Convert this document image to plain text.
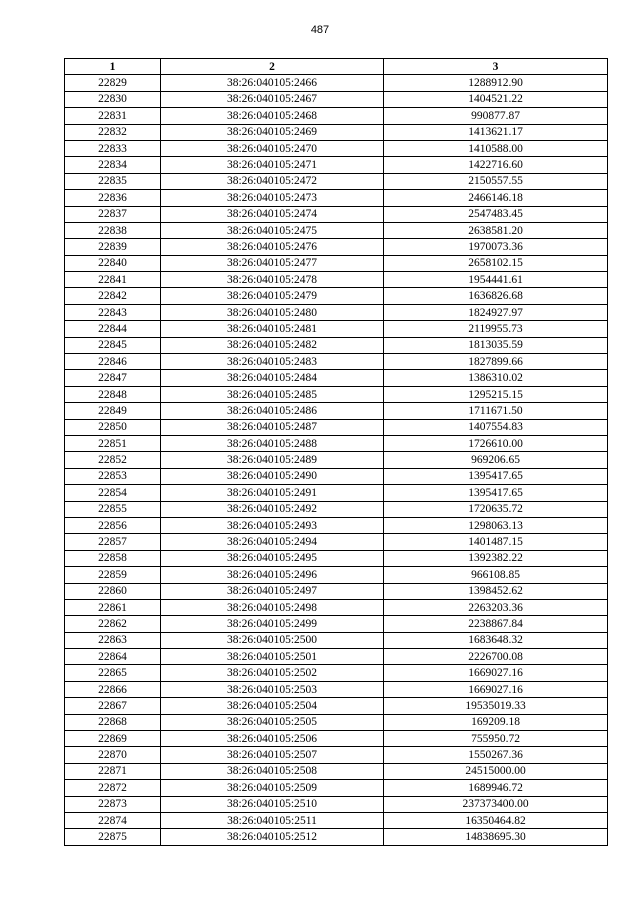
487
1	2	3
22829	38:26:040105:2466	1288912.90
22830	38:26:040105:2467	1404521.22
22831	38:26:040105:2468	990877.87
22832	38:26:040105:2469	1413621.17
22833	38:26:040105:2470	1410588.00
22834	38:26:040105:2471	1422716.60
22835	38:26:040105:2472	2150557.55
22836	38:26:040105:2473	2466146.18
22837	38:26:040105:2474	2547483.45
22838	38:26:040105:2475	2638581.20
22839	38:26:040105:2476	1970073.36
22840	38:26:040105:2477	2658102.15
22841	38:26:040105:2478	1954441.61
22842	38:26:040105:2479	1636826.68
22843	38:26:040105:2480	1824927.97
22844	38:26:040105:2481	2119955.73
22845	38:26:040105:2482	1813035.59
22846	38:26:040105:2483	1827899.66
22847	38:26:040105:2484	1386310.02
22848	38:26:040105:2485	1295215.15
22849	38:26:040105:2486	1711671.50
22850	38:26:040105:2487	1407554.83
22851	38:26:040105:2488	1726610.00
22852	38:26:040105:2489	969206.65
22853	38:26:040105:2490	1395417.65
22854	38:26:040105:2491	1395417.65
22855	38:26:040105:2492	1720635.72
22856	38:26:040105:2493	1298063.13
22857	38:26:040105:2494	1401487.15
22858	38:26:040105:2495	1392382.22
22859	38:26:040105:2496	966108.85
22860	38:26:040105:2497	1398452.62
22861	38:26:040105:2498	2263203.36
22862	38:26:040105:2499	2238867.84
22863	38:26:040105:2500	1683648.32
22864	38:26:040105:2501	2226700.08
22865	38:26:040105:2502	1669027.16
22866	38:26:040105:2503	1669027.16
22867	38:26:040105:2504	19535019.33
22868	38:26:040105:2505	169209.18
22869	38:26:040105:2506	755950.72
22870	38:26:040105:2507	1550267.36
22871	38:26:040105:2508	24515000.00
22872	38:26:040105:2509	1689946.72
22873	38:26:040105:2510	237373400.00
22874	38:26:040105:2511	16350464.82
22875	38:26:040105:2512	14838695.30
